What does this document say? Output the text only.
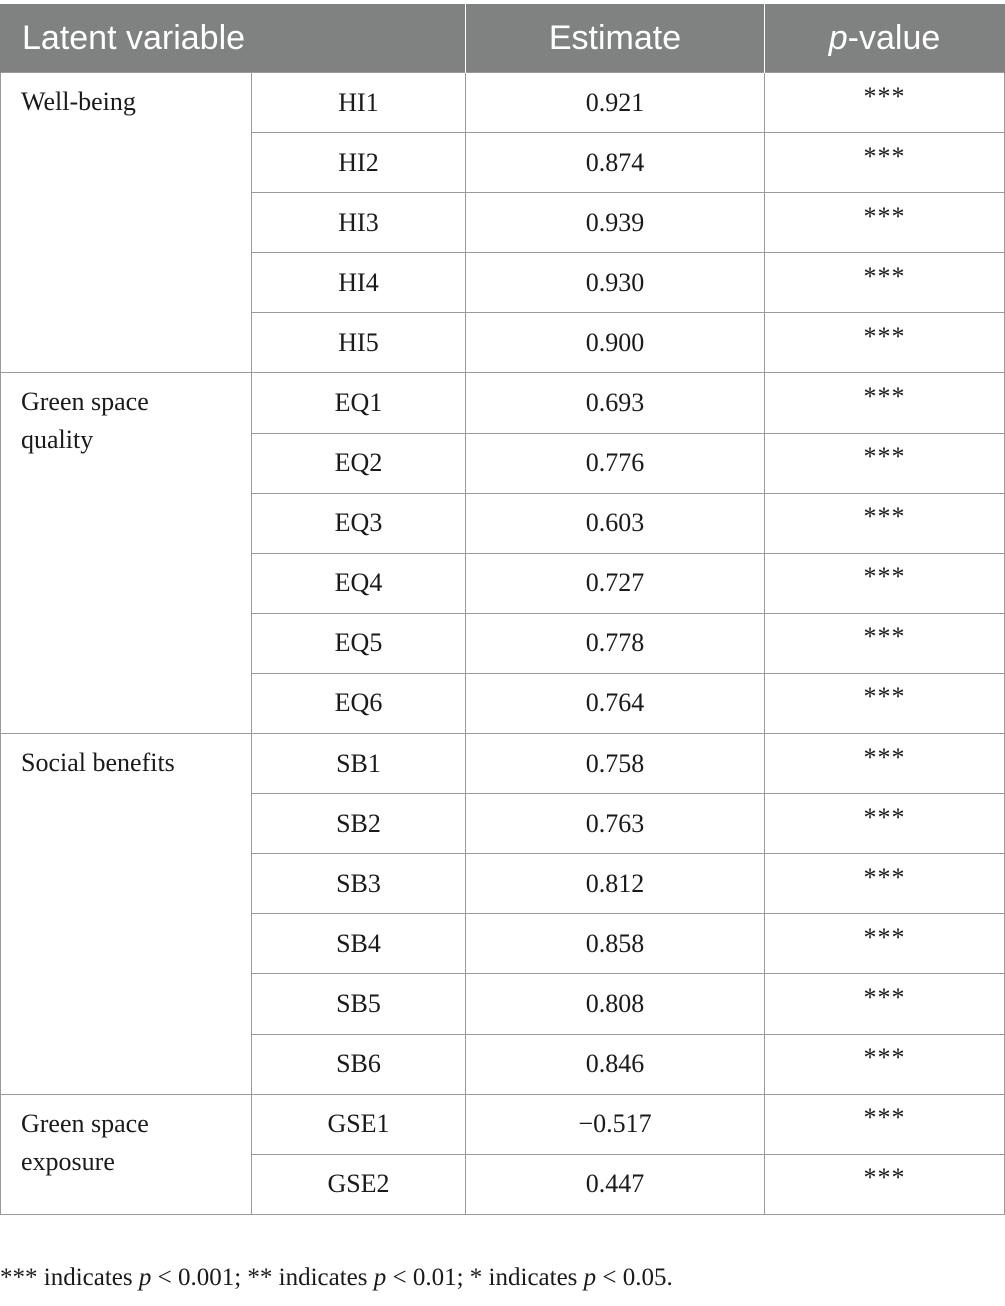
Latent variable		Estimate	p-value

Well-being	HI1	0.921	***
	HI2	0.874	***
	HI3	0.939	***
	HI4	0.930	***
	HI5	0.900	***

Green space
quality	EQ1	0.693	***
	EQ2	0.776	***
	EQ3	0.603	***
	EQ4	0.727	***
	EQ5	0.778	***
	EQ6	0.764	***

Social benefits	SB1	0.758	***
	SB2	0.763	***
	SB3	0.812	***
	SB4	0.858	***
	SB5	0.808	***
	SB6	0.846	***

Green space
exposure	GSE1	−0.517	***
	GSE2	0.447	***
*** indicates p < 0.001; ** indicates p < 0.01; * indicates p < 0.05.
